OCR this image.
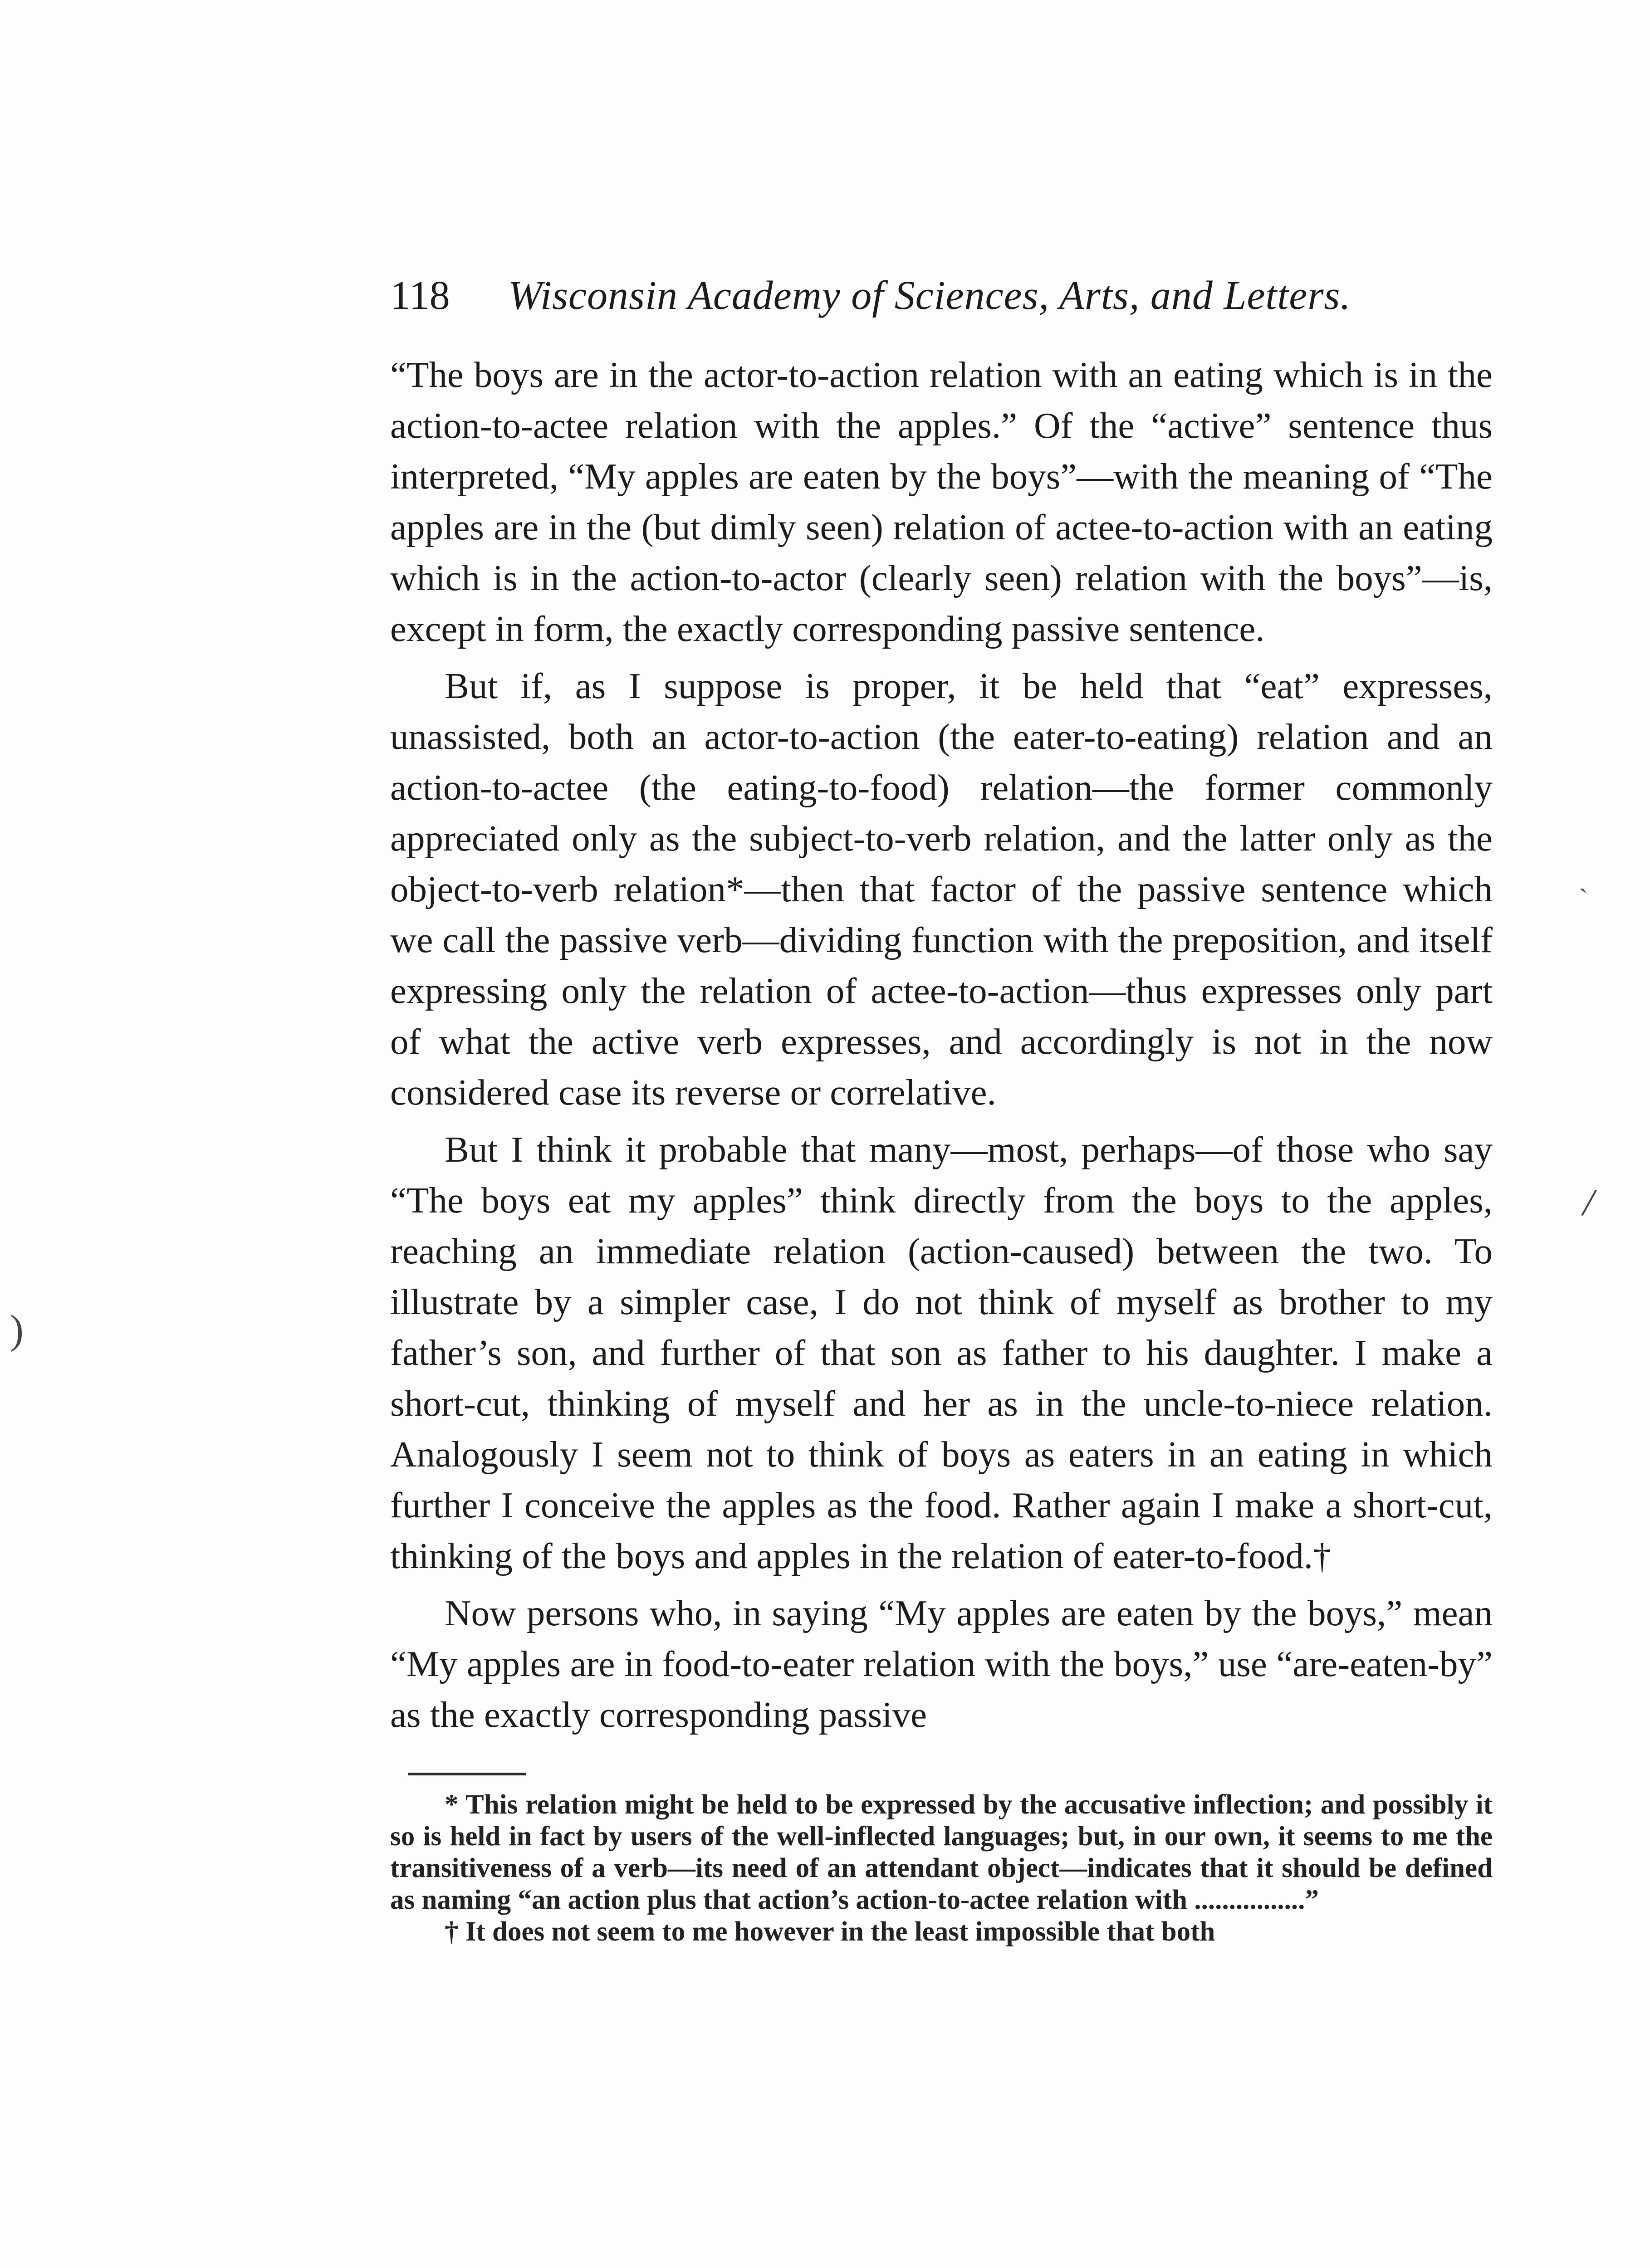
)
˴
/
118	Wisconsin Academy of Sciences, Arts, and Letters.

“The boys are in the actor-to-action relation with an eating which is in the action-to-actee relation with the apples.” Of the “active” sentence thus interpreted, “My apples are eaten by the boys”—with the meaning of “The apples are in the (but dimly seen) relation of actee-to-action with an eating which is in the action-to-actor (clearly seen) relation with the boys”—is, except in form, the exactly corresponding passive sentence.

But if, as I suppose is proper, it be held that “eat” expresses, unassisted, both an actor-to-action (the eater-to-eating) relation and an action-to-actee (the eating-to-food) relation—the former commonly appreciated only as the subject-to-verb relation, and the latter only as the object-to-verb relation*—then that factor of the passive sentence which we call the passive verb—dividing function with the preposition, and itself expressing only the relation of actee-to-action—thus expresses only part of what the active verb expresses, and accordingly is not in the now considered case its reverse or correlative.

But I think it probable that many—most, perhaps—of those who say “The boys eat my apples” think directly from the boys to the apples, reaching an immediate relation (action-caused) between the two. To illustrate by a simpler case, I do not think of myself as brother to my father’s son, and further of that son as father to his daughter. I make a short-cut, thinking of myself and her as in the uncle-to-niece relation. Analogously I seem not to think of boys as eaters in an eating in which further I conceive the apples as the food. Rather again I make a short-cut, thinking of the boys and apples in the relation of eater-to-food.†

Now persons who, in saying “My apples are eaten by the boys,” mean “My apples are in food-to-eater relation with the boys,” use “are-eaten-by” as the exactly corresponding passive

* This relation might be held to be expressed by the accusative inflection; and possibly it so is held in fact by users of the well-inflected languages; but, in our own, it seems to me the transitiveness of a verb—its need of an attendant object—indicates that it should be defined as naming “an action plus that action’s action-to-actee relation with ................”

† It does not seem to me however in the least impossible that both
